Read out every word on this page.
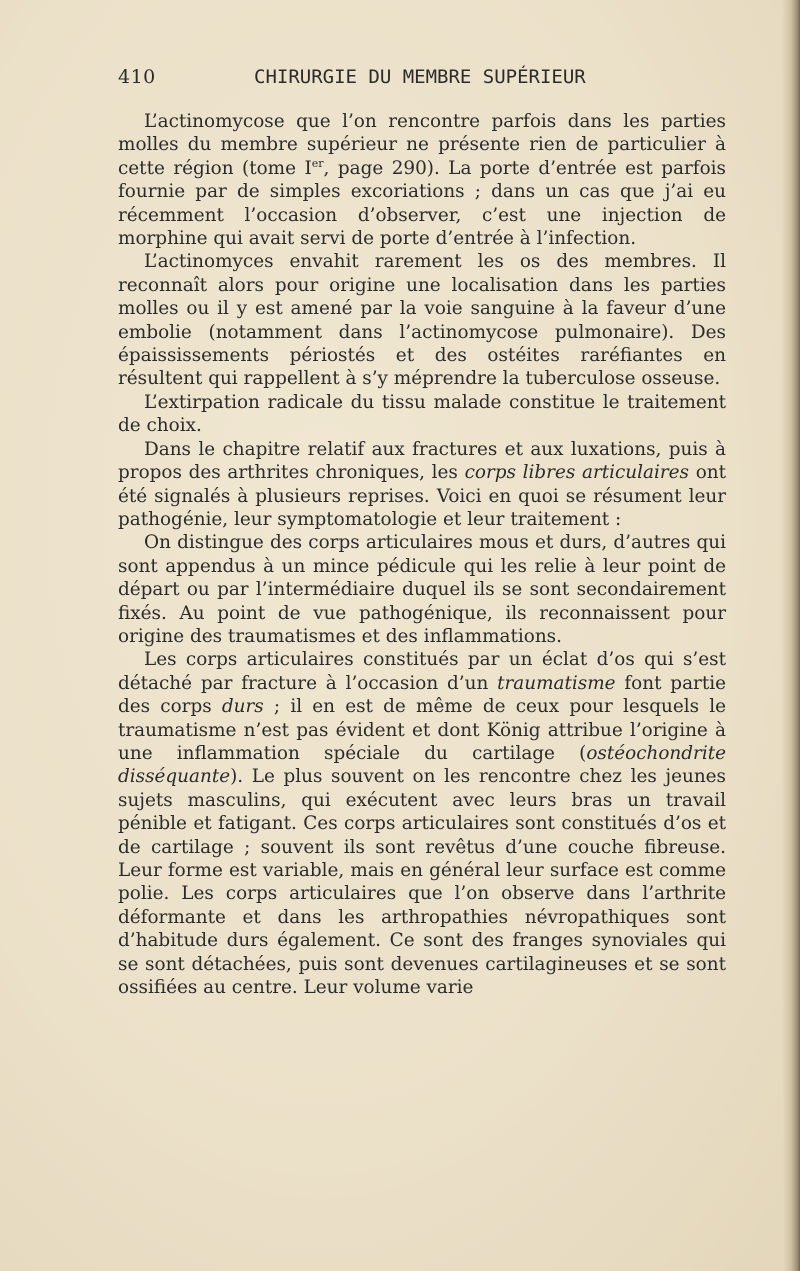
410	CHIRURGIE DU MEMBRE SUPÉRIEUR

L’actinomycose que l’on rencontre parfois dans les parties molles du membre supérieur ne présente rien de particulier à cette région (tome Ier, page 290). La porte d’entrée est parfois fournie par de simples excoriations ; dans un cas que j’ai eu récemment l’occasion d’observer, c’est une injection de morphine qui avait servi de porte d’entrée à l’infection.

L’actinomyces envahit rarement les os des membres. Il reconnaît alors pour origine une localisation dans les parties molles ou il y est amené par la voie sanguine à la faveur d’une embolie (notamment dans l’actinomycose pulmonaire). Des épaississements périostés et des ostéites raréfiantes en résultent qui rappellent à s’y méprendre la tuberculose osseuse.

L’extirpation radicale du tissu malade constitue le traitement de choix.

Dans le chapitre relatif aux fractures et aux luxations, puis à propos des arthrites chroniques, les corps libres articulaires ont été signalés à plusieurs reprises. Voici en quoi se résument leur pathogénie, leur symptomatologie et leur traitement :

On distingue des corps articulaires mous et durs, d’autres qui sont appendus à un mince pédicule qui les relie à leur point de départ ou par l’intermédiaire duquel ils se sont secondairement fixés. Au point de vue pathogénique, ils reconnaissent pour origine des traumatismes et des inflammations.

Les corps articulaires constitués par un éclat d’os qui s’est détaché par fracture à l’occasion d’un traumatisme font partie des corps durs ; il en est de même de ceux pour lesquels le traumatisme n’est pas évident et dont König attribue l’origine à une inflammation spéciale du cartilage (ostéochondrite disséquante). Le plus souvent on les rencontre chez les jeunes sujets masculins, qui exécutent avec leurs bras un travail pénible et fatigant. Ces corps articulaires sont constitués d’os et de cartilage ; souvent ils sont revêtus d’une couche fibreuse. Leur forme est variable, mais en général leur surface est comme polie. Les corps articulaires que l’on observe dans l’arthrite déformante et dans les arthropathies névropathiques sont d’habitude durs également. Ce sont des franges synoviales qui se sont détachées, puis sont devenues cartilagineuses et se sont ossifiées au centre. Leur volume varie
